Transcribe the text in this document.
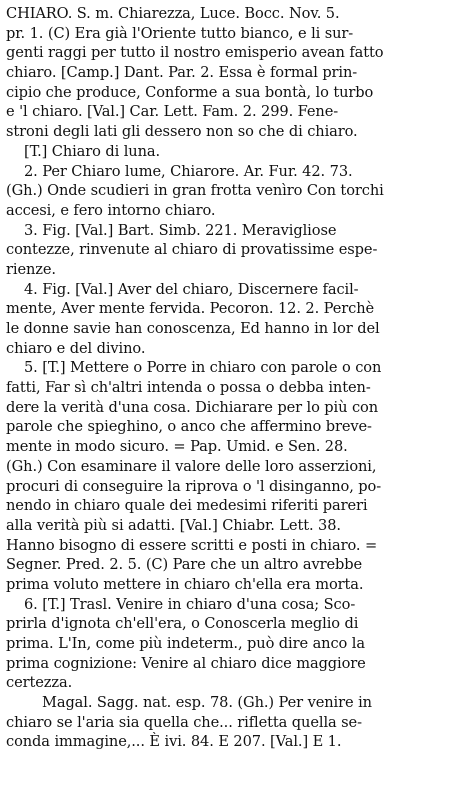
CHIARO. S. m. Chiarezza, Luce. Bocc. Nov. 5.
pr. 1. (C) Era già l'Oriente tutto bianco, e li sur-
genti raggi per tutto il nostro emisperio avean fatto
chiaro. [Camp.] Dant. Par. 2. Essa è formal prin-
cipio che produce, Conforme a sua bontà, lo turbo
e 'l chiaro. [Val.] Car. Lett. Fam. 2. 299. Fene-
stroni degli lati gli dessero non so che di chiaro.
[T.] Chiaro di luna.
2. Per Chiaro lume, Chiarore. Ar. Fur. 42. 73.
(Gh.) Onde scudieri in gran frotta venìro Con torchi
accesi, e fero intorno chiaro.
3. Fig. [Val.] Bart. Simb. 221. Meravigliose
contezze, rinvenute al chiaro di provatissime espe-
rienze.
4. Fig. [Val.] Aver del chiaro, Discernere facil-
mente, Aver mente fervida. Pecoron. 12. 2. Perchè
le donne savie han conoscenza, Ed hanno in lor del
chiaro e del divino.
5. [T.] Mettere o Porre in chiaro con parole o con
fatti, Far sì ch'altri intenda o possa o debba inten-
dere la verità d'una cosa. Dichiarare per lo più con
parole che spieghino, o anco che affermino breve-
mente in modo sicuro. = Pap. Umid. e Sen. 28.
(Gh.) Con esaminare il valore delle loro asserzioni,
procuri di conseguire la riprova o 'l disinganno, po-
nendo in chiaro quale dei medesimi riferiti pareri
alla verità più si adatti. [Val.] Chiabr. Lett. 38.
Hanno bisogno di essere scritti e posti in chiaro. =
Segner. Pred. 2. 5. (C) Pare che un altro avrebbe
prima voluto mettere in chiaro ch'ella era morta.
6. [T.] Trasl. Venire in chiaro d'una cosa; Sco-
prirla d'ignota ch'ell'era, o Conoscerla meglio di
prima. L'In, come più indeterm., può dire anco la
prima cognizione: Venire al chiaro dice maggiore
certezza.
Magal. Sagg. nat. esp. 78. (Gh.) Per venire in
chiaro se l'aria sia quella che... rifletta quella se-
conda immagine,... È ivi. 84. E 207. [Val.] E 1.
